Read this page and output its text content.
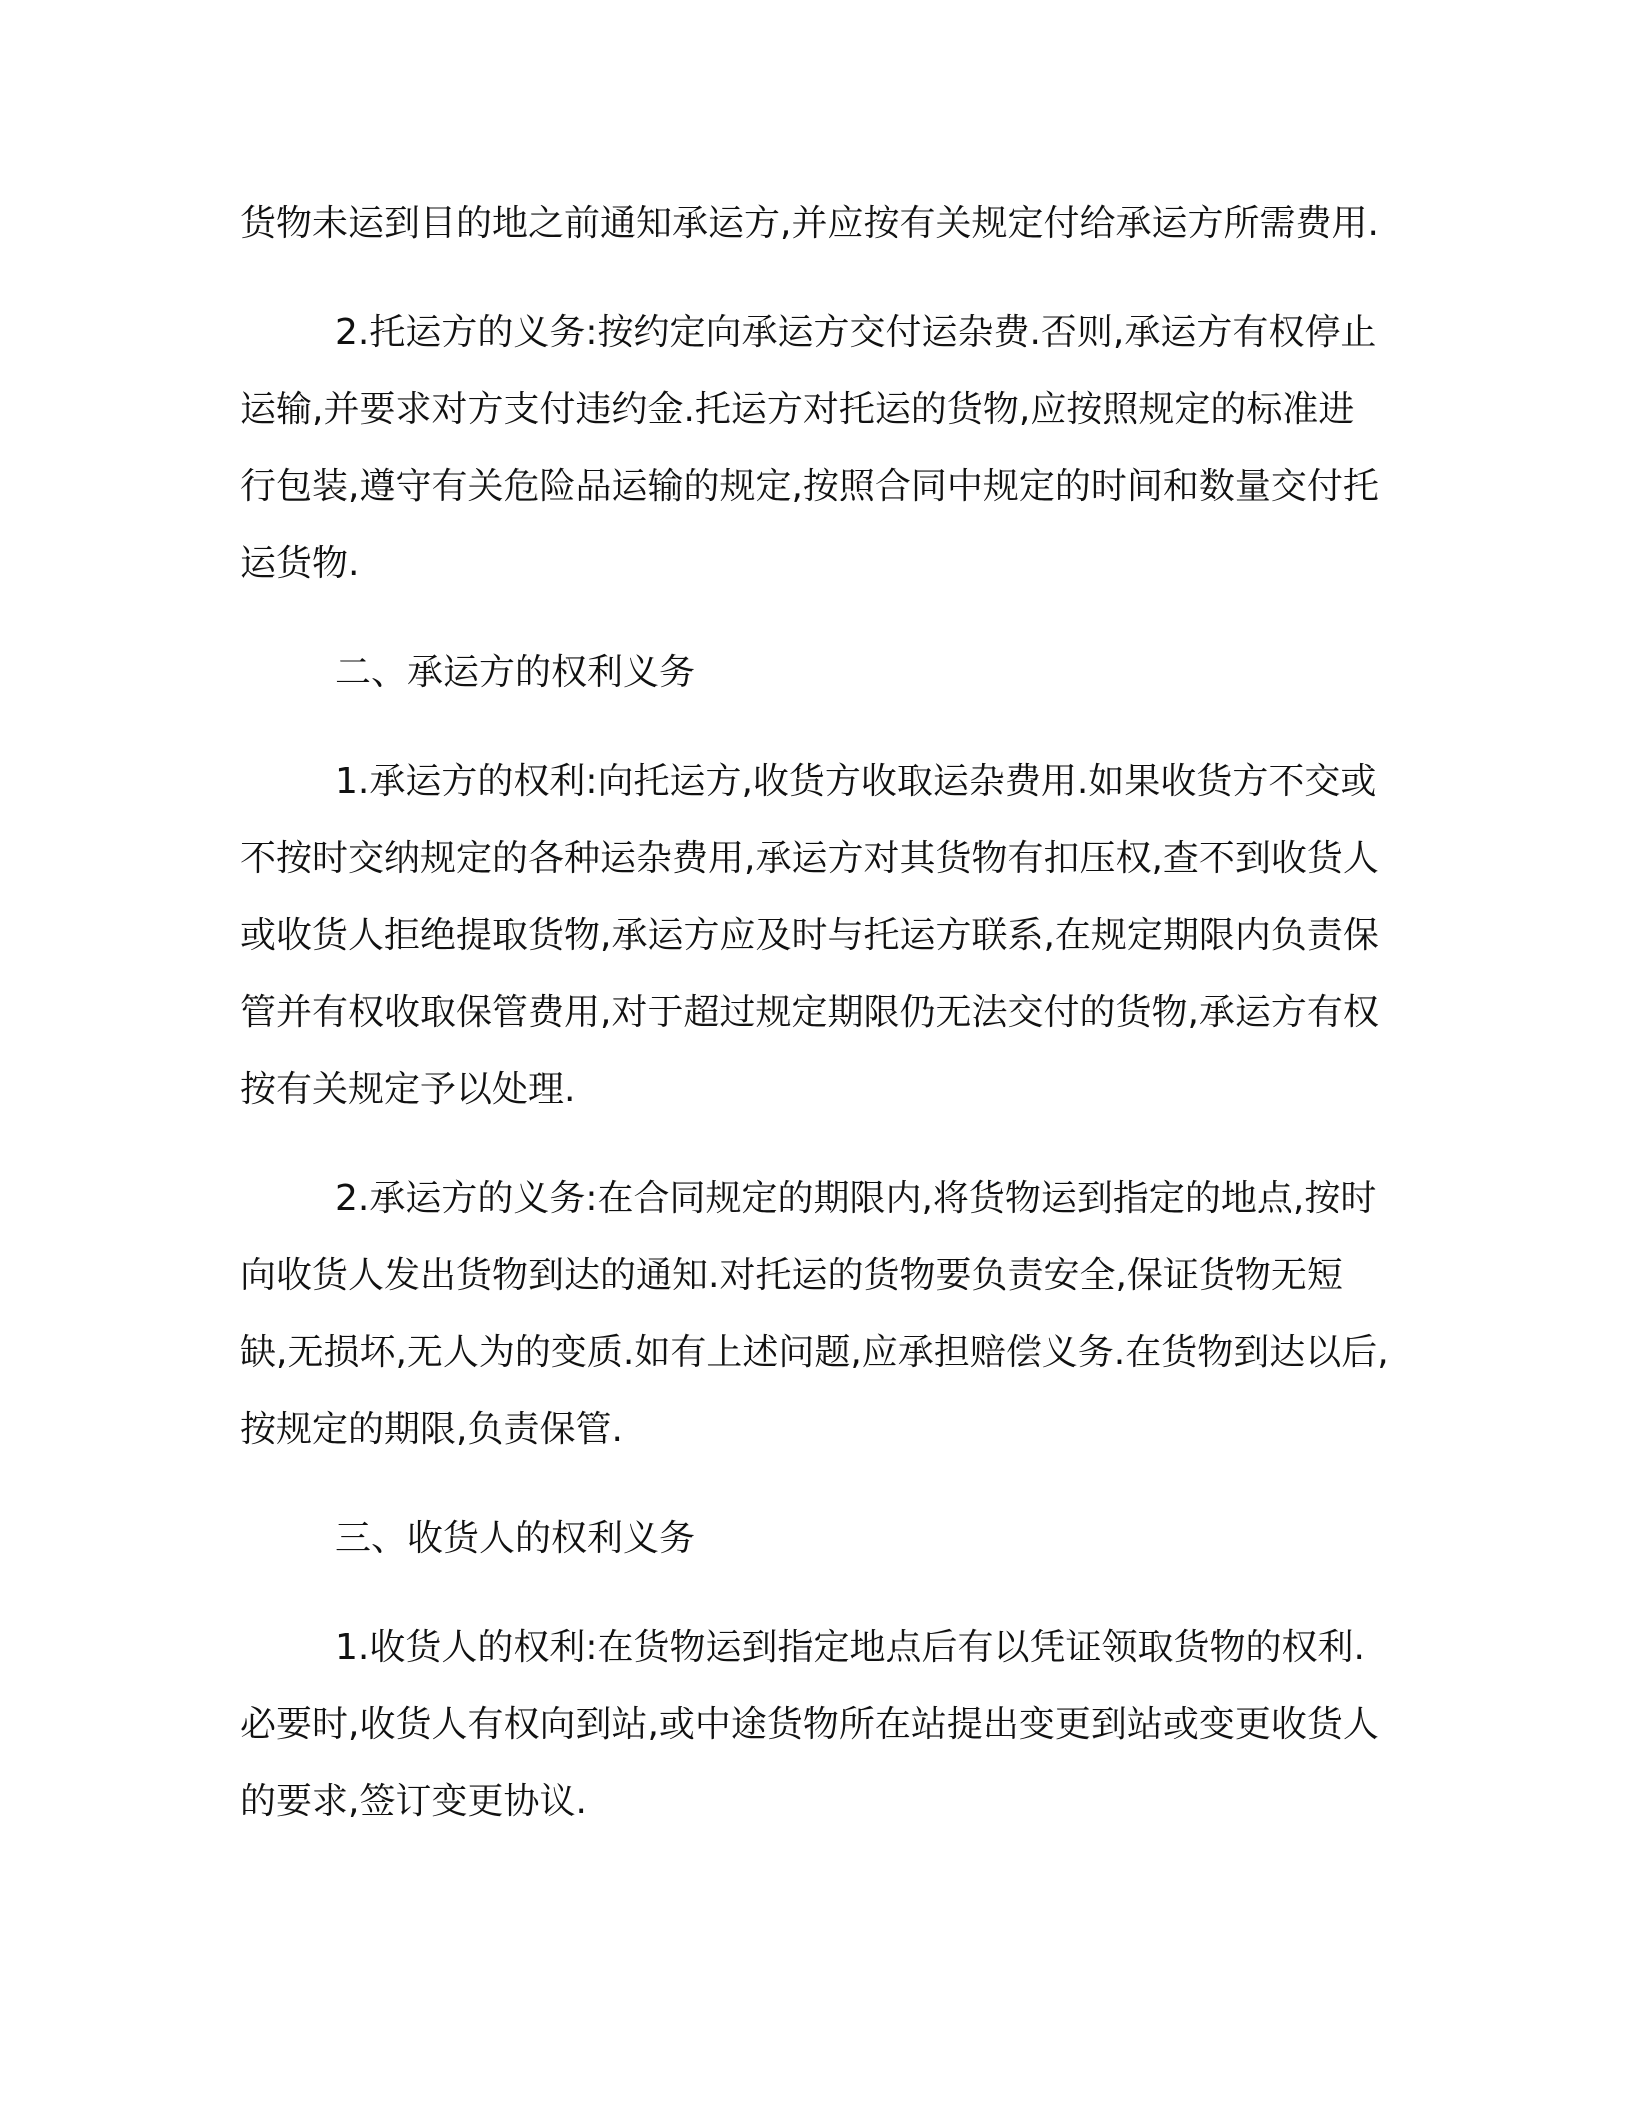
货物未运到目的地之前通知承运方,并应按有关规定付给承运方所需费用.

2.托运方的义务:按约定向承运方交付运杂费.否则,承运方有权停止运输,并要求对方支付违约金.托运方对托运的货物,应按照规定的标准进行包装,遵守有关危险品运输的规定,按照合同中规定的时间和数量交付托运货物.

二、承运方的权利义务

1.承运方的权利:向托运方,收货方收取运杂费用.如果收货方不交或不按时交纳规定的各种运杂费用,承运方对其货物有扣压权,查不到收货人或收货人拒绝提取货物,承运方应及时与托运方联系,在规定期限内负责保管并有权收取保管费用,对于超过规定期限仍无法交付的货物,承运方有权按有关规定予以处理.

2.承运方的义务:在合同规定的期限内,将货物运到指定的地点,按时向收货人发出货物到达的通知.对托运的货物要负责安全,保证货物无短缺,无损坏,无人为的变质.如有上述问题,应承担赔偿义务.在货物到达以后,按规定的期限,负责保管.

三、收货人的权利义务

1.收货人的权利:在货物运到指定地点后有以凭证领取货物的权利.必要时,收货人有权向到站,或中途货物所在站提出变更到站或变更收货人的要求,签订变更协议.
